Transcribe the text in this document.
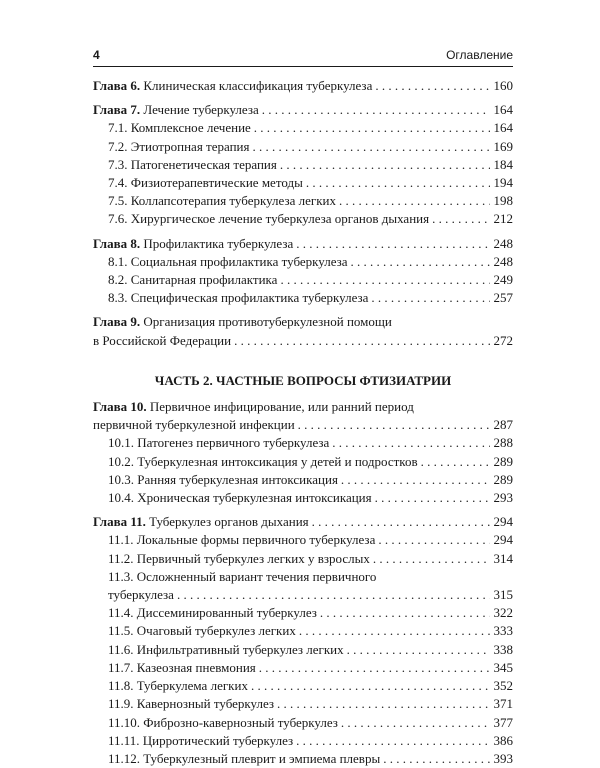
4	Оглавление
Глава 6. Клиническая классификация туберкулеза . . .	160
Глава 7. Лечение туберкулеза . . .	164
7.1. Комплексное лечение . . .	164
7.2. Этиотропная терапия . . .	169
7.3. Патогенетическая терапия . . .	184
7.4. Физиотерапевтические методы . . .	194
7.5. Коллапсотерапия туберкулеза легких . . .	198
7.6. Хирургическое лечение туберкулеза органов дыхания . . .	212
Глава 8. Профилактика туберкулеза . . .	248
8.1. Социальная профилактика туберкулеза . . .	248
8.2. Санитарная профилактика . . .	249
8.3. Специфическая профилактика туберкулеза . . .	257
Глава 9. Организация противотуберкулезной помощи
в Российской Федерации . . .	272
ЧАСТЬ 2. ЧАСТНЫЕ ВОПРОСЫ ФТИЗИАТРИИ
Глава 10. Первичное инфицирование, или ранний период
первичной туберкулезной инфекции . . .	287
10.1. Патогенез первичного туберкулеза . . .	288
10.2. Туберкулезная интоксикация у детей и подростков . . .	289
10.3. Ранняя туберкулезная интоксикация . . .	289
10.4. Хроническая туберкулезная интоксикация . . .	293
Глава 11. Туберкулез органов дыхания . . .	294
11.1. Локальные формы первичного туберкулеза . . .	294
11.2. Первичный туберкулез легких у взрослых . . .	314
11.3. Осложненный вариант течения первичного
туберкулеза . . .	315
11.4. Диссеминированный туберкулез . . .	322
11.5. Очаговый туберкулез легких . . .	333
11.6. Инфильтративный туберкулез легких . . .	338
11.7. Казеозная пневмония . . .	345
11.8. Туберкулема легких . . .	352
11.9. Кавернозный туберкулез . . .	371
11.10. Фиброзно-кавернозный туберкулез . . .	377
11.11. Цирротический туберкулез . . .	386
11.12. Туберкулезный плеврит и эмпиема плевры . . .	393
